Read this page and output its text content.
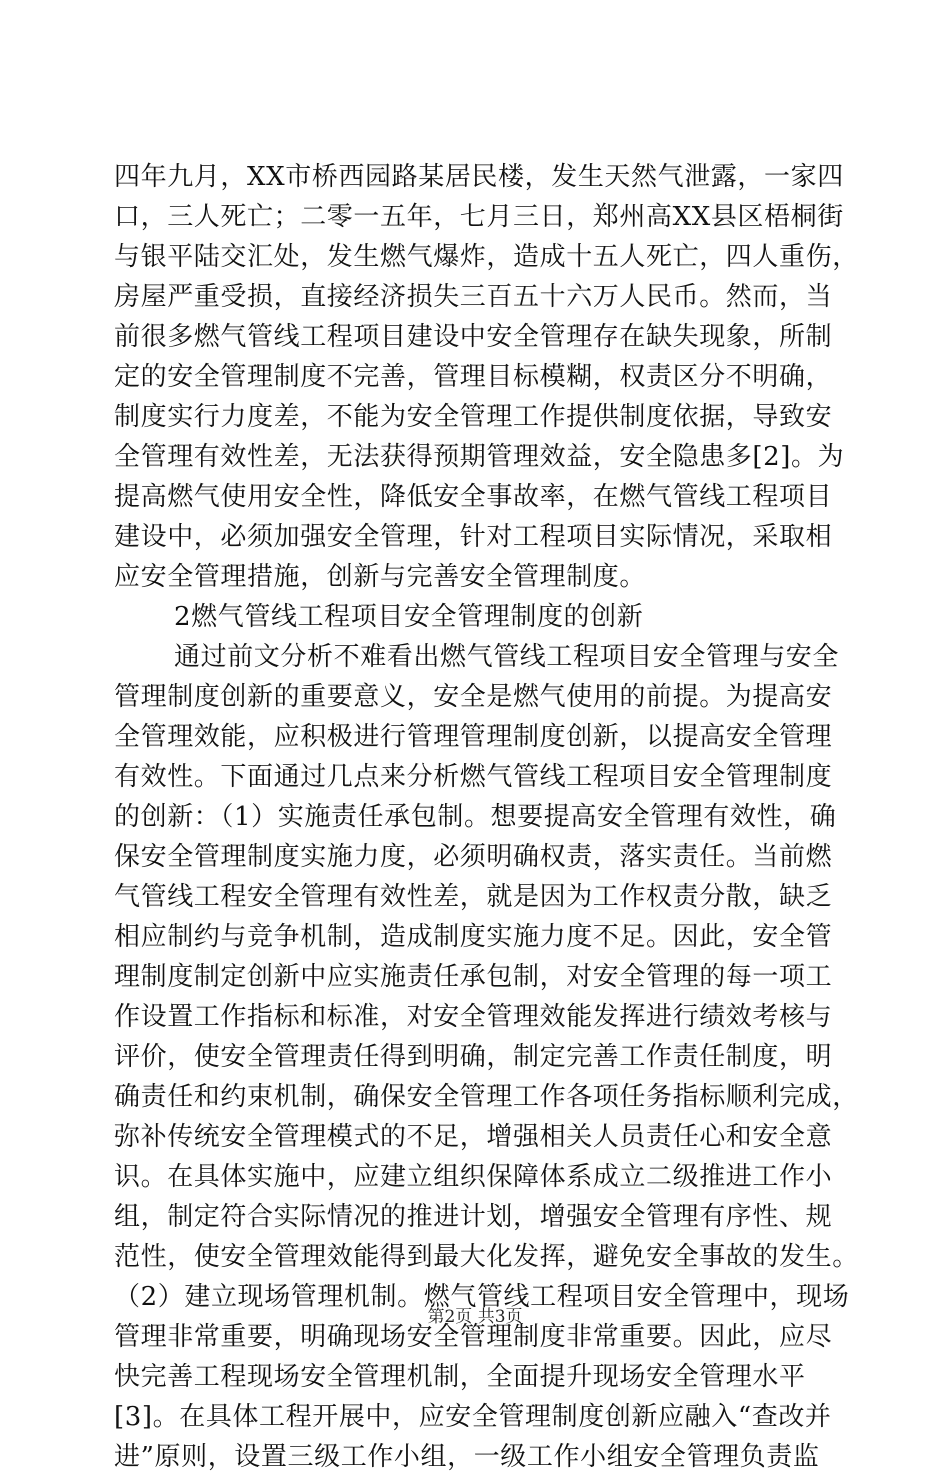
四年九月，XX市桥西园路某居民楼，发生天然气泄露，一家四
口，三人死亡；二零一五年，七月三日，郑州高XX县区梧桐街
与银平陆交汇处，发生燃气爆炸，造成十五人死亡，四人重伤，
房屋严重受损，直接经济损失三百五十六万人民币。然而，当
前很多燃气管线工程项目建设中安全管理存在缺失现象，所制
定的安全管理制度不完善，管理目标模糊，权责区分不明确，
制度实行力度差，不能为安全管理工作提供制度依据，导致安
全管理有效性差，无法获得预期管理效益，安全隐患多[2]。为
提高燃气使用安全性，降低安全事故率，在燃气管线工程项目
建设中，必须加强安全管理，针对工程项目实际情况，采取相
应安全管理措施，创新与完善安全管理制度。
2燃气管线工程项目安全管理制度的创新
通过前文分析不难看出燃气管线工程项目安全管理与安全
管理制度创新的重要意义，安全是燃气使用的前提。为提高安
全管理效能，应积极进行管理管理制度创新，以提高安全管理
有效性。下面通过几点来分析燃气管线工程项目安全管理制度
的创新：（1）实施责任承包制。想要提高安全管理有效性，确
保安全管理制度实施力度，必须明确权责，落实责任。当前燃
气管线工程安全管理有效性差，就是因为工作权责分散，缺乏
相应制约与竞争机制，造成制度实施力度不足。因此，安全管
理制度制定创新中应实施责任承包制，对安全管理的每一项工
作设置工作指标和标准，对安全管理效能发挥进行绩效考核与
评价，使安全管理责任得到明确，制定完善工作责任制度，明
确责任和约束机制，确保安全管理工作各项任务指标顺利完成，
弥补传统安全管理模式的不足，增强相关人员责任心和安全意
识。在具体实施中，应建立组织保障体系成立二级推进工作小
组，制定符合实际情况的推进计划，增强安全管理有序性、规
范性，使安全管理效能得到最大化发挥，避免安全事故的发生。
（2）建立现场管理机制。燃气管线工程项目安全管理中，现场
管理非常重要，明确现场安全管理制度非常重要。因此，应尽
快完善工程现场安全管理机制，全面提升现场安全管理水平
[3]。在具体工程开展中，应安全管理制度创新应融入“查改并
进”原则，设置三级工作小组，一级工作小组安全管理负责监
第2页 共3页
